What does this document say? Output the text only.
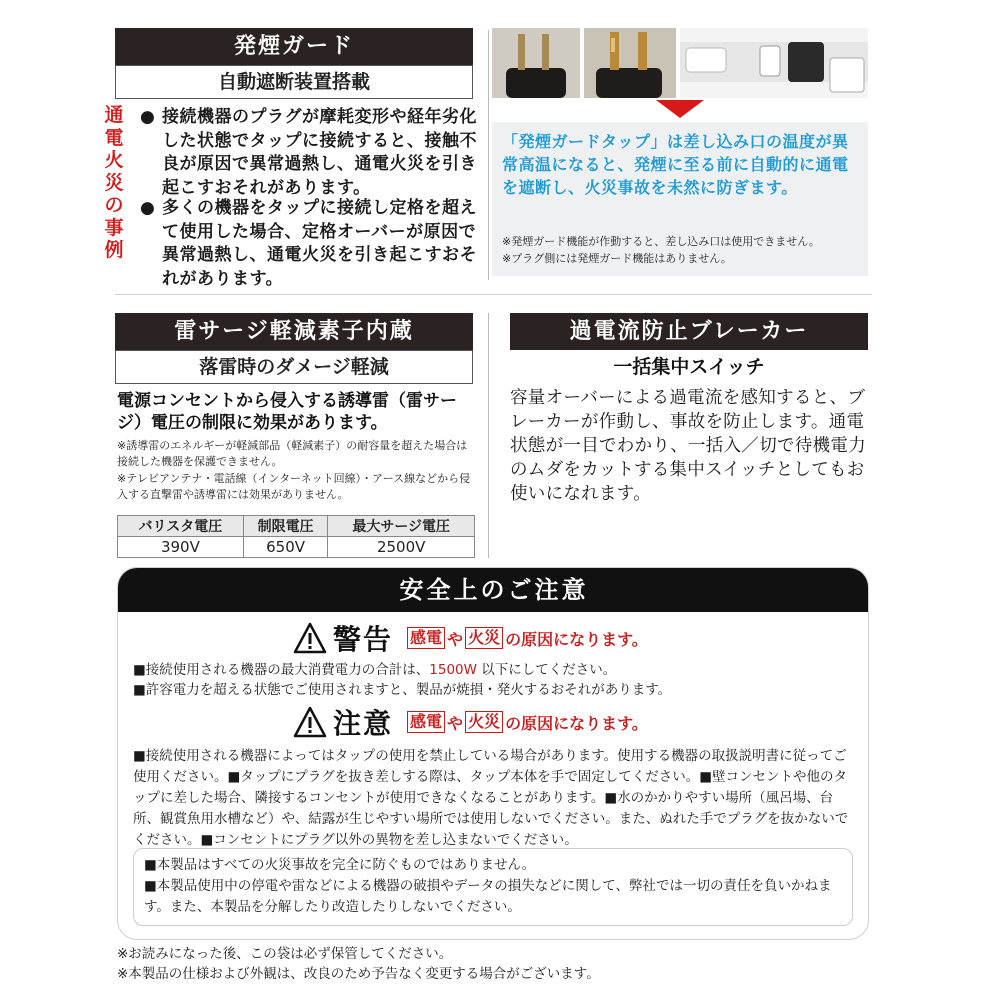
発煙ガード
自動遮断装置搭載
通電火災の事例
● 接続機器のプラグが摩耗変形や経年劣化した状態でタップに接続すると、接触不良が原因で異常過熱し、通電火災を引き起こすおそれがあります。
● 多くの機器をタップに接続し定格を超えて使用した場合、定格オーバーが原因で異常過熱し、通電火災を引き起こすおそれがあります。
「発煙ガードタップ」は差し込み口の温度が異常高温になると、発煙に至る前に自動的に通電を遮断し、火災事故を未然に防ぎます。
※発煙ガード機能が作動すると、差し込み口は使用できません。
※プラグ側には発煙ガード機能はありません。
雷サージ軽減素子内蔵
落雷時のダメージ軽減
電源コンセントから侵入する誘導雷（雷サージ）電圧の制限に効果があります。
※誘導雷のエネルギーが軽減部品（軽減素子）の耐容量を超えた場合は接続した機器を保護できません。
※テレビアンテナ・電話線（インターネット回線）・アース線などから侵入する直撃雷や誘導雷には効果がありません。
バリスタ電圧	制限電圧	最大サージ電圧
390V	650V	2500V
過電流防止ブレーカー
一括集中スイッチ
容量オーバーによる過電流を感知すると、ブレーカーが作動し、事故を防止します。通電状態が一目でわかり、一括入／切で待機電力のムダをカットする集中スイッチとしてもお使いになれます。
安全上のご注意
警告 感電 や 火災 の原因になります。
■接続使用される機器の最大消費電力の合計は、1500W 以下にしてください。
■許容電力を超える状態でご使用されますと、製品が焼損・発火するおそれがあります。
注意 感電 や 火災 の原因になります。
■接続使用される機器によってはタップの使用を禁止している場合があります。使用する機器の取扱説明書に従ってご使用ください。■タップにプラグを抜き差しする際は、タップ本体を手で固定してください。■壁コンセントや他のタップに差した場合、隣接するコンセントが使用できなくなることがあります。■水のかかりやすい場所（風呂場、台所、観賞魚用水槽など）や、結露が生じやすい場所では使用しないでください。また、ぬれた手でプラグを抜かないでください。■コンセントにプラグ以外の異物を差し込まないでください。
■本製品はすべての火災事故を完全に防ぐものではありません。
■本製品使用中の停電や雷などによる機器の破損やデータの損失などに関して、弊社では一切の責任を負いかねます。また、本製品を分解したり改造したりしないでください。
※お読みになった後、この袋は必ず保管してください。
※本製品の仕様および外観は、改良のため予告なく変更する場合がございます。
